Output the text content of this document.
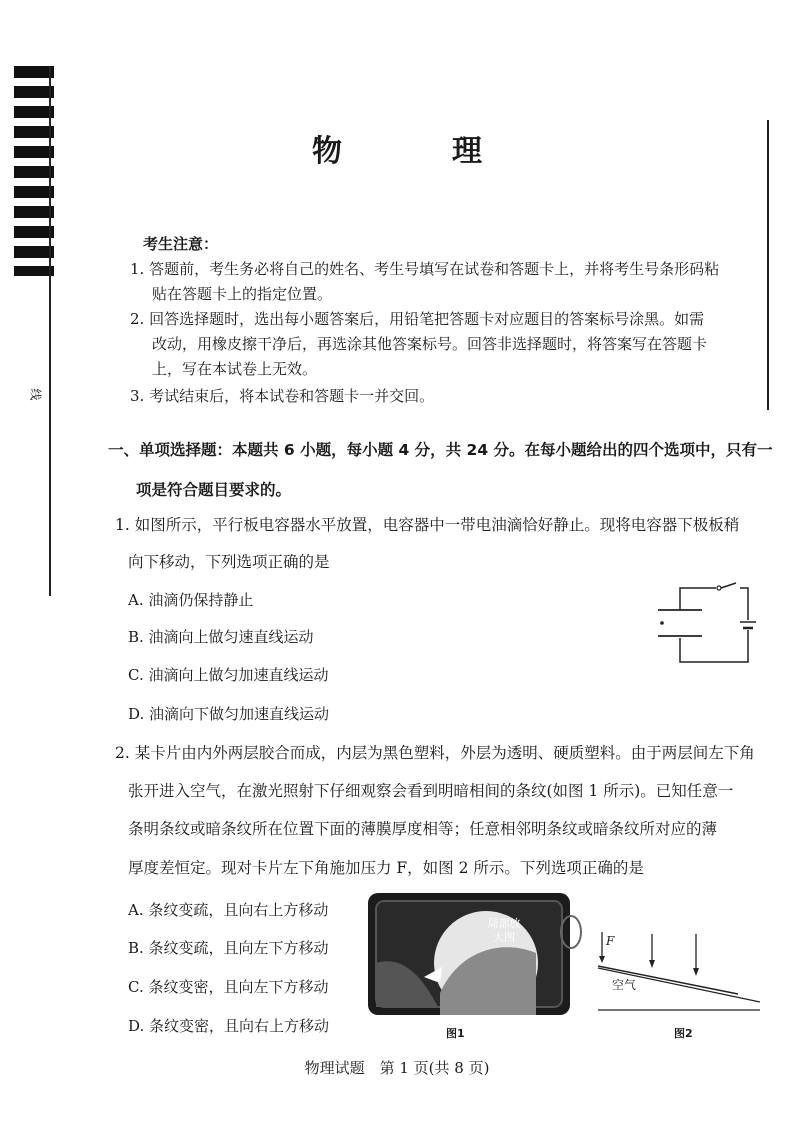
线
物　理
考生注意：
1. 答题前，考生务必将自己的姓名、考生号填写在试卷和答题卡上，并将考生号条形码粘
贴在答题卡上的指定位置。
2. 回答选择题时，选出每小题答案后，用铅笔把答题卡对应题目的答案标号涂黑。如需
改动，用橡皮擦干净后，再选涂其他答案标号。回答非选择题时，将答案写在答题卡
上，写在本试卷上无效。
3. 考试结束后，将本试卷和答题卡一并交回。
一、单项选择题：本题共 6 小题，每小题 4 分，共 24 分。在每小题给出的四个选项中，只有一
项是符合题目要求的。
1. 如图所示，平行板电容器水平放置，电容器中一带电油滴恰好静止。现将电容器下极板稍
向下移动，下列选项正确的是
A. 油滴仍保持静止
B. 油滴向上做匀速直线运动
C. 油滴向上做匀加速直线运动
D. 油滴向下做匀加速直线运动
2. 某卡片由内外两层胶合而成，内层为黑色塑料，外层为透明、硬质塑料。由于两层间左下角
张开进入空气，在激光照射下仔细观察会看到明暗相间的条纹(如图 1 所示)。已知任意一
条明条纹或暗条纹所在位置下面的薄膜厚度相等；任意相邻明条纹或暗条纹所对应的薄
厚度差恒定。现对卡片左下角施加压力 F，如图 2 所示。下列选项正确的是
A. 条纹变疏，且向右上方移动
B. 条纹变疏，且向左下方移动
C. 条纹变密，且向左下方移动
D. 条纹变密，且向右上方移动
局部放大图
图1
F
空气
图2
物理试题　第 1 页(共 8 页)
